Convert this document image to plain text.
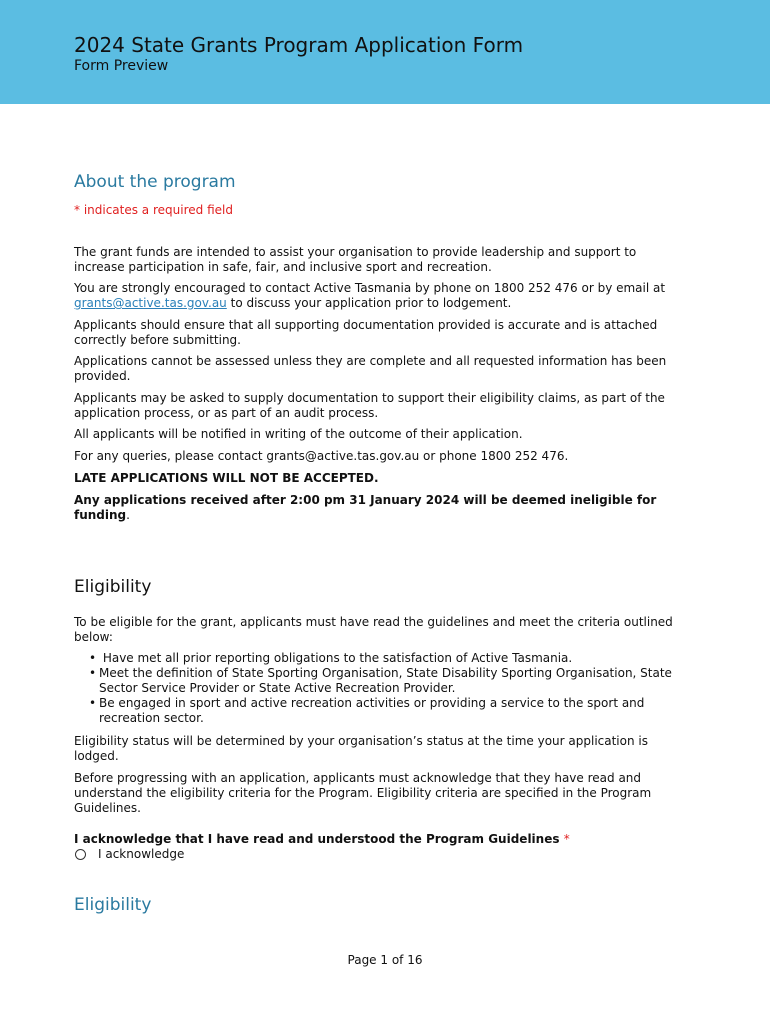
2024 State Grants Program Application Form
Form Preview
About the program
* indicates a required field
The grant funds are intended to assist your organisation to provide leadership and support to increase participation in safe, fair, and inclusive sport and recreation.
You are strongly encouraged to contact Active Tasmania by phone on 1800 252 476 or by email at grants@active.tas.gov.au to discuss your application prior to lodgement.
Applicants should ensure that all supporting documentation provided is accurate and is attached correctly before submitting.
Applications cannot be assessed unless they are complete and all requested information has been provided.
Applicants may be asked to supply documentation to support their eligibility claims, as part of the application process, or as part of an audit process.
All applicants will be notified in writing of the outcome of their application.
For any queries, please contact grants@active.tas.gov.au or phone 1800 252 476.
LATE APPLICATIONS WILL NOT BE ACCEPTED.
Any applications received after 2:00 pm 31 January 2024 will be deemed ineligible for funding.
Eligibility
To be eligible for the grant, applicants must have read the guidelines and meet the criteria outlined below:
• Have met all prior reporting obligations to the satisfaction of Active Tasmania.
• Meet the definition of State Sporting Organisation, State Disability Sporting Organisation, State Sector Service Provider or State Active Recreation Provider.
• Be engaged in sport and active recreation activities or providing a service to the sport and recreation sector.
Eligibility status will be determined by your organisation’s status at the time your application is lodged.
Before progressing with an application, applicants must acknowledge that they have read and understand the eligibility criteria for the Program. Eligibility criteria are specified in the Program Guidelines.
I acknowledge that I have read and understood the Program Guidelines *
I acknowledge
Eligibility
Page 1 of 16
